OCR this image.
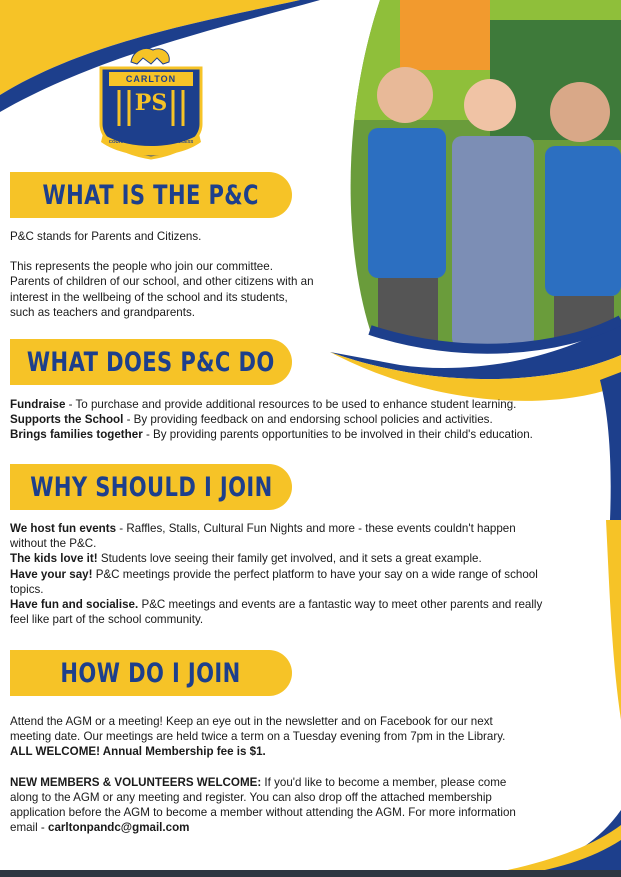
CARLTON
PS
COURAGE PERSEVERANCE SUCCESS
WHAT IS THE P&C

P&C stands for Parents and Citizens.

This represents the people who join our committee. Parents of children of our school, and other citizens with an interest in the wellbeing of the school and its students, such as teachers and grandparents.

WHAT DOES P&C DO

Fundraise - To purchase and provide additional resources to be used to enhance student learning.

Supports the School - By providing feedback on and endorsing school policies and activities.

Brings families together - By providing parents opportunities to be involved in their child's education.

WHY SHOULD I JOIN

We host fun events - Raffles, Stalls, Cultural Fun Nights and more - these events couldn't happen without the P&C.

The kids love it! Students love seeing their family get involved, and it sets a great example.

Have your say! P&C meetings provide the perfect platform to have your say on a wide range of school topics.

Have fun and socialise. P&C meetings and events are a fantastic way to meet other parents and really feel like part of the school community.

HOW DO I JOIN

Attend the AGM or a meeting! Keep an eye out in the newsletter and on Facebook for our next meeting date. Our meetings are held twice a term on a Tuesday evening from 7pm in the Library. ALL WELCOME! Annual Membership fee is $1.

NEW MEMBERS & VOLUNTEERS WELCOME: If you'd like to become a member, please come along to the AGM or any meeting and register. You can also drop off the attached membership application before the AGM to become a member without attending the AGM. For more information email - carltonpandc@gmail.com
